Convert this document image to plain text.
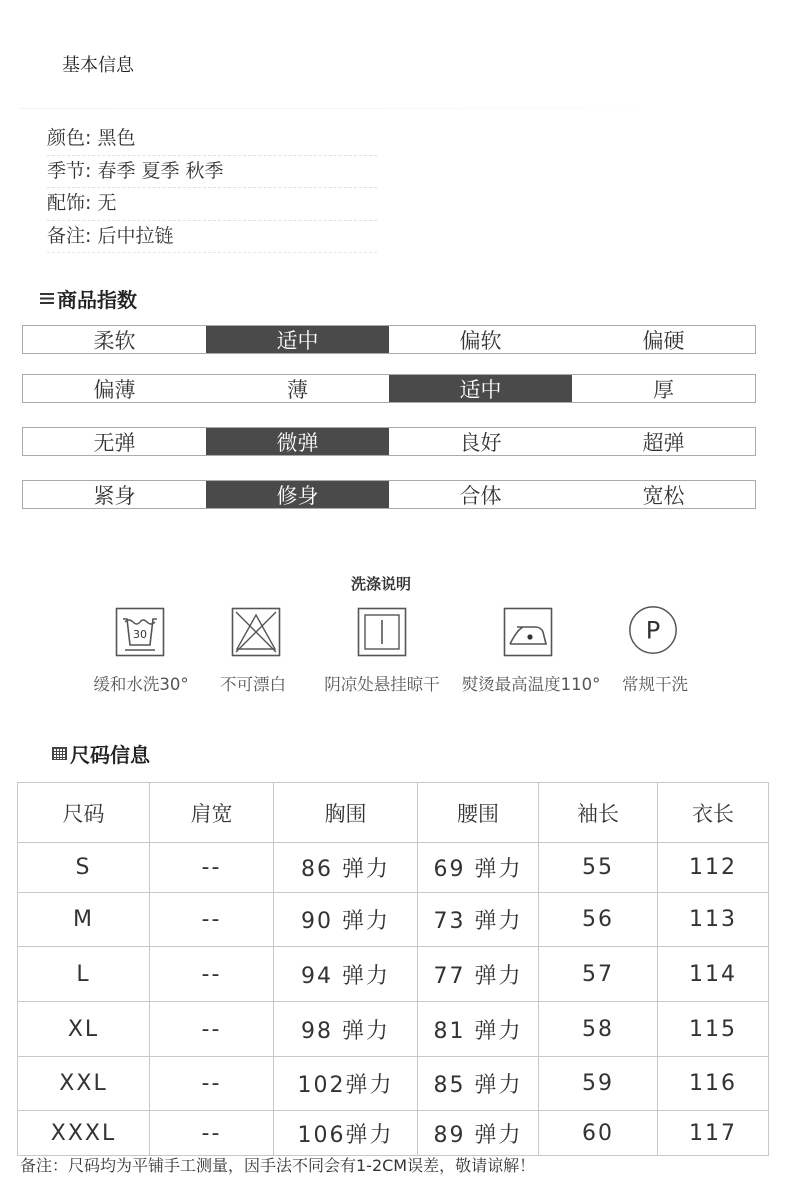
基本信息
颜色: 黑色
季节: 春季 夏季 秋季
配饰: 无
备注: 后中拉链
商品指数
柔软	适中	偏软	偏硬
偏薄	薄	适中	厚
无弹	微弹	良好	超弹
紧身	修身	合体	宽松
洗涤说明
30	P
缓和水洗30° 不可漂白 阴凉处悬挂晾干 熨烫最高温度110° 常规干洗
尺码信息
尺码	肩宽	胸围	腰围	袖长	衣长
S	--	86 弹力	69 弹力	55	112
M	--	90 弹力	73 弹力	56	113
L	--	94 弹力	77 弹力	57	114
XL	--	98 弹力	81 弹力	58	115
XXL	--	102弹力	85 弹力	59	116
XXXL	--	106弹力	89 弹力	60	117
备注：尺码均为平铺手工测量，因手法不同会有1-2CM误差，敬请谅解！
